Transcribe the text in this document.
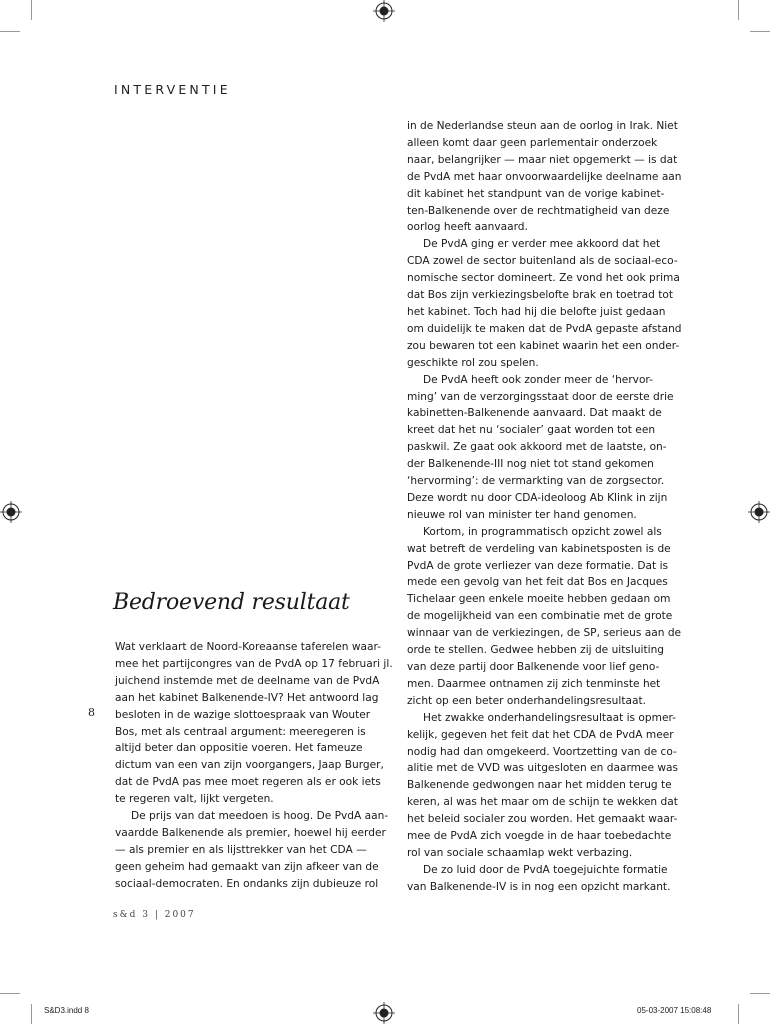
INTERVENTIE
in de Nederlandse steun aan de oorlog in Irak. Niet
alleen komt daar geen parlementair onderzoek
naar, belangrijker — maar niet opgemerkt — is dat
de PvdA met haar onvoorwaardelijke deelname aan
dit kabinet het standpunt van de vorige kabinet-
ten-Balkenende over de rechtmatigheid van deze
oorlog heeft aanvaard.
De PvdA ging er verder mee akkoord dat het
CDA zowel de sector buitenland als de sociaal-eco-
nomische sector domineert. Ze vond het ook prima
dat Bos zijn verkiezingsbelofte brak en toetrad tot
het kabinet. Toch had hij die belofte juist gedaan
om duidelijk te maken dat de PvdA gepaste afstand
zou bewaren tot een kabinet waarin het een onder-
geschikte rol zou spelen.
De PvdA heeft ook zonder meer de ‘hervor-
ming’ van de verzorgingsstaat door de eerste drie
kabinetten-Balkenende aanvaard. Dat maakt de
kreet dat het nu ‘socialer’ gaat worden tot een
paskwil. Ze gaat ook akkoord met de laatste, on-
der Balkenende-III nog niet tot stand gekomen
‘hervorming’: de vermarkting van de zorgsector.
Deze wordt nu door CDA-ideoloog Ab Klink in zijn
nieuwe rol van minister ter hand genomen.
Kortom, in programmatisch opzicht zowel als
wat betreft de verdeling van kabinetsposten is de
PvdA de grote verliezer van deze formatie. Dat is
mede een gevolg van het feit dat Bos en Jacques
Tichelaar geen enkele moeite hebben gedaan om
de mogelijkheid van een combinatie met de grote
winnaar van de verkiezingen, de SP, serieus aan de
orde te stellen. Gedwee hebben zij de uitsluiting
van deze partij door Balkenende voor lief geno-
men. Daarmee ontnamen zij zich tenminste het
zicht op een beter onderhandelingsresultaat.
Het zwakke onderhandelingsresultaat is opmer-
kelijk, gegeven het feit dat het CDA de PvdA meer
nodig had dan omgekeerd. Voortzetting van de co-
alitie met de VVD was uitgesloten en daarmee was
Balkenende gedwongen naar het midden terug te
keren, al was het maar om de schijn te wekken dat
het beleid socialer zou worden. Het gemaakt waar-
mee de PvdA zich voegde in de haar toebedachte
rol van sociale schaamlap wekt verbazing.
De zo luid door de PvdA toegejuichte formatie
van Balkenende-IV is in nog een opzicht markant.
Bedroevend resultaat
8
Wat verklaart de Noord-Koreaanse taferelen waar-
mee het partijcongres van de PvdA op 17 februari jl.
juichend instemde met de deelname van de PvdA
aan het kabinet Balkenende-IV? Het antwoord lag
besloten in de wazige slottoespraak van Wouter
Bos, met als centraal argument: meeregeren is
altijd beter dan oppositie voeren. Het fameuze
dictum van een van zijn voorgangers, Jaap Burger,
dat de PvdA pas mee moet regeren als er ook iets
te regeren valt, lijkt vergeten.
De prijs van dat meedoen is hoog. De PvdA aan-
vaardde Balkenende als premier, hoewel hij eerder
— als premier en als lijsttrekker van het CDA —
geen geheim had gemaakt van zijn afkeer van de
sociaal-democraten. En ondanks zijn dubieuze rol
s&d 3 | 2007
S&D3.indd 8	05-03-2007 15:08:48
